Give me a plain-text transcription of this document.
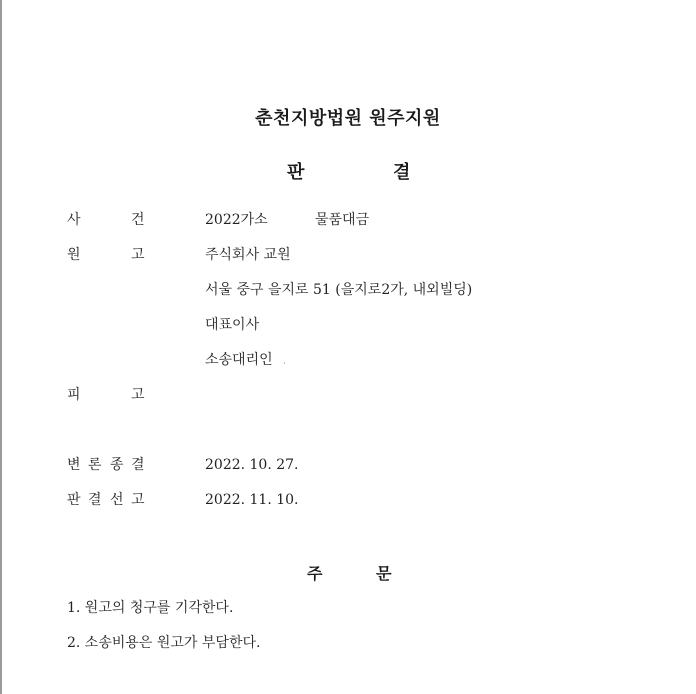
춘천지방법원 원주지원
판	결
사	건	2022가소	물품대금
원	고	주식회사 교원
서울 중구 을지로 51 (을지로2가, 내외빌딩)
대표이사
소송대리인 ·
피	고
변 론 종 결	2022. 10. 27.
판 결 선 고	2022. 11. 10.
주	문
1. 원고의 청구를 기각한다.
2. 소송비용은 원고가 부담한다.
